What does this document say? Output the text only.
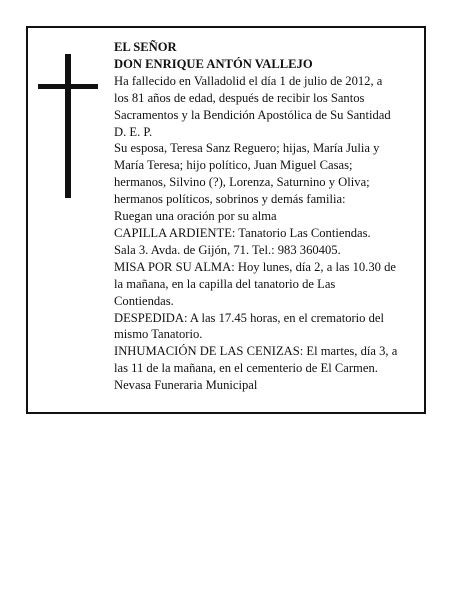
EL SEÑOR
DON ENRIQUE ANTÓN VALLEJO
Ha fallecido en Valladolid el día 1 de julio de 2012, a
los 81 años de edad, después de recibir los Santos
Sacramentos y la Bendición Apostólica de Su Santidad
D. E. P.
Su esposa, Teresa Sanz Reguero; hijas, María Julia y
María Teresa; hijo político, Juan Miguel Casas;
hermanos, Silvino (?), Lorenza, Saturnino y Oliva;
hermanos políticos, sobrinos y demás familia:
Ruegan una oración por su alma
CAPILLA ARDIENTE: Tanatorio Las Contiendas.
Sala 3. Avda. de Gijón, 71. Tel.: 983 360405.
MISA POR SU ALMA: Hoy lunes, día 2, a las 10.30 de
la mañana, en la capilla del tanatorio de Las
Contiendas.
DESPEDIDA: A las 17.45 horas, en el crematorio del
mismo Tanatorio.
INHUMACIÓN DE LAS CENIZAS: El martes, día 3, a
las 11 de la mañana, en el cementerio de El Carmen.
Nevasa Funeraria Municipal
